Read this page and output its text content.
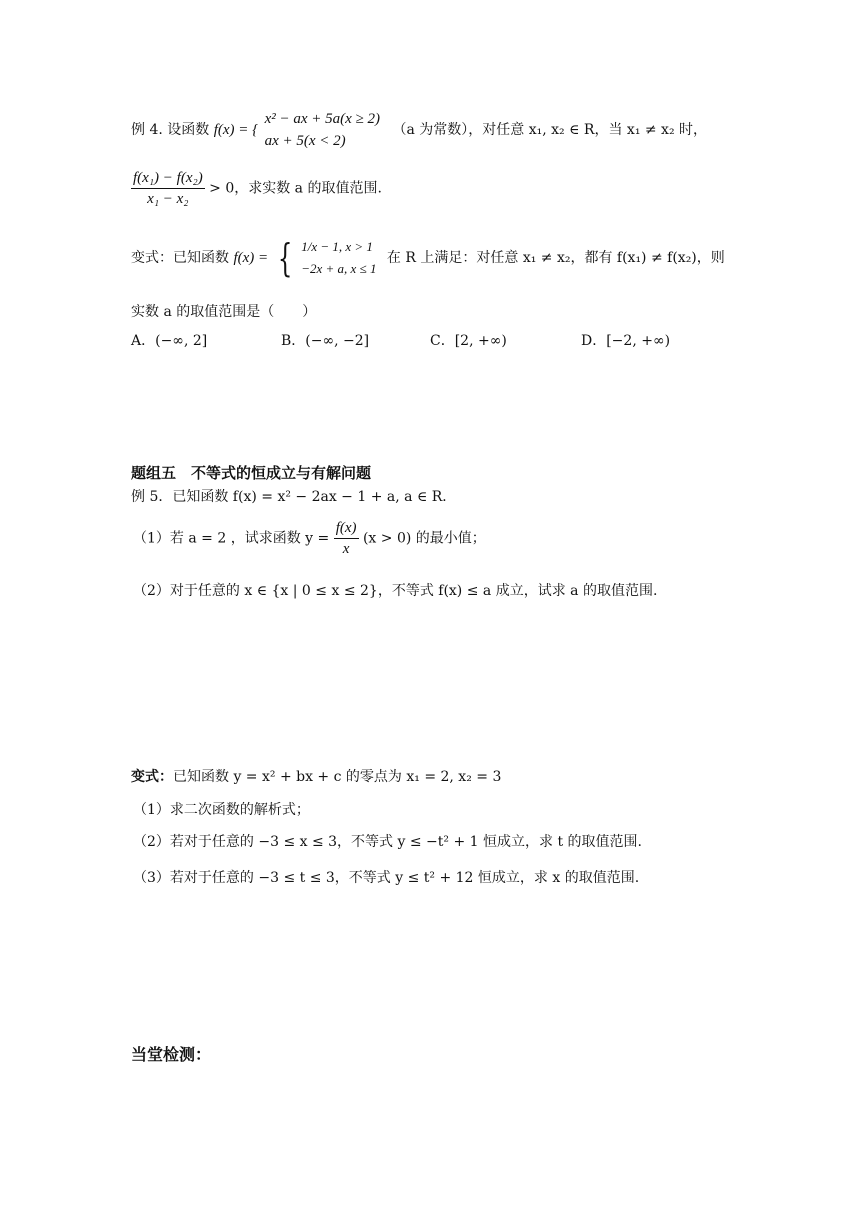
例 4. 设函数 f(x) = {
x² − ax + 5a(x ≥ 2)
ax + 5(x < 2)
（a 为常数），对任意 x₁, x₂ ∈ R，当 x₁ ≠ x₂ 时，
$\frac{\text{f(x₁) − f(x₂)}}{\text{x₁ − x₂}} > 0$，求实数 a 的取值范围.
变式：已知函数 f(x) = { 1/x − 1, x > 1
−2x + a, x ≤ 1
在 R 上满足：对任意 x₁ ≠ x₂，都有 f(x₁) ≠ f(x₂)，则
实数 a 的取值范围是（　　）
A．(−∞, 2]	B．(−∞, −2]	C．[2, +∞)	D．[−2, +∞)
题组五　不等式的恒成立与有解问题
例 5．已知函数 f(x) = x² − 2ax − 1 + a, a ∈ R．
（1）若 a = 2 ，试求函数 $y = \frac{f(x)}{x} (x > 0)$ 的最小值；
（2）对于任意的 x ∈ {x | 0 ≤ x ≤ 2}，不等式 f(x) ≤ a 成立，试求 a 的取值范围.
变式：已知函数 y = x² + bx + c 的零点为 x₁ = 2, x₂ = 3
（1）求二次函数的解析式；
（2）若对于任意的 −3 ≤ x ≤ 3，不等式 y ≤ −t² + 1 恒成立，求 t 的取值范围.
（3）若对于任意的 −3 ≤ t ≤ 3，不等式 y ≤ t² + 12 恒成立，求 x 的取值范围.
当堂检测：
